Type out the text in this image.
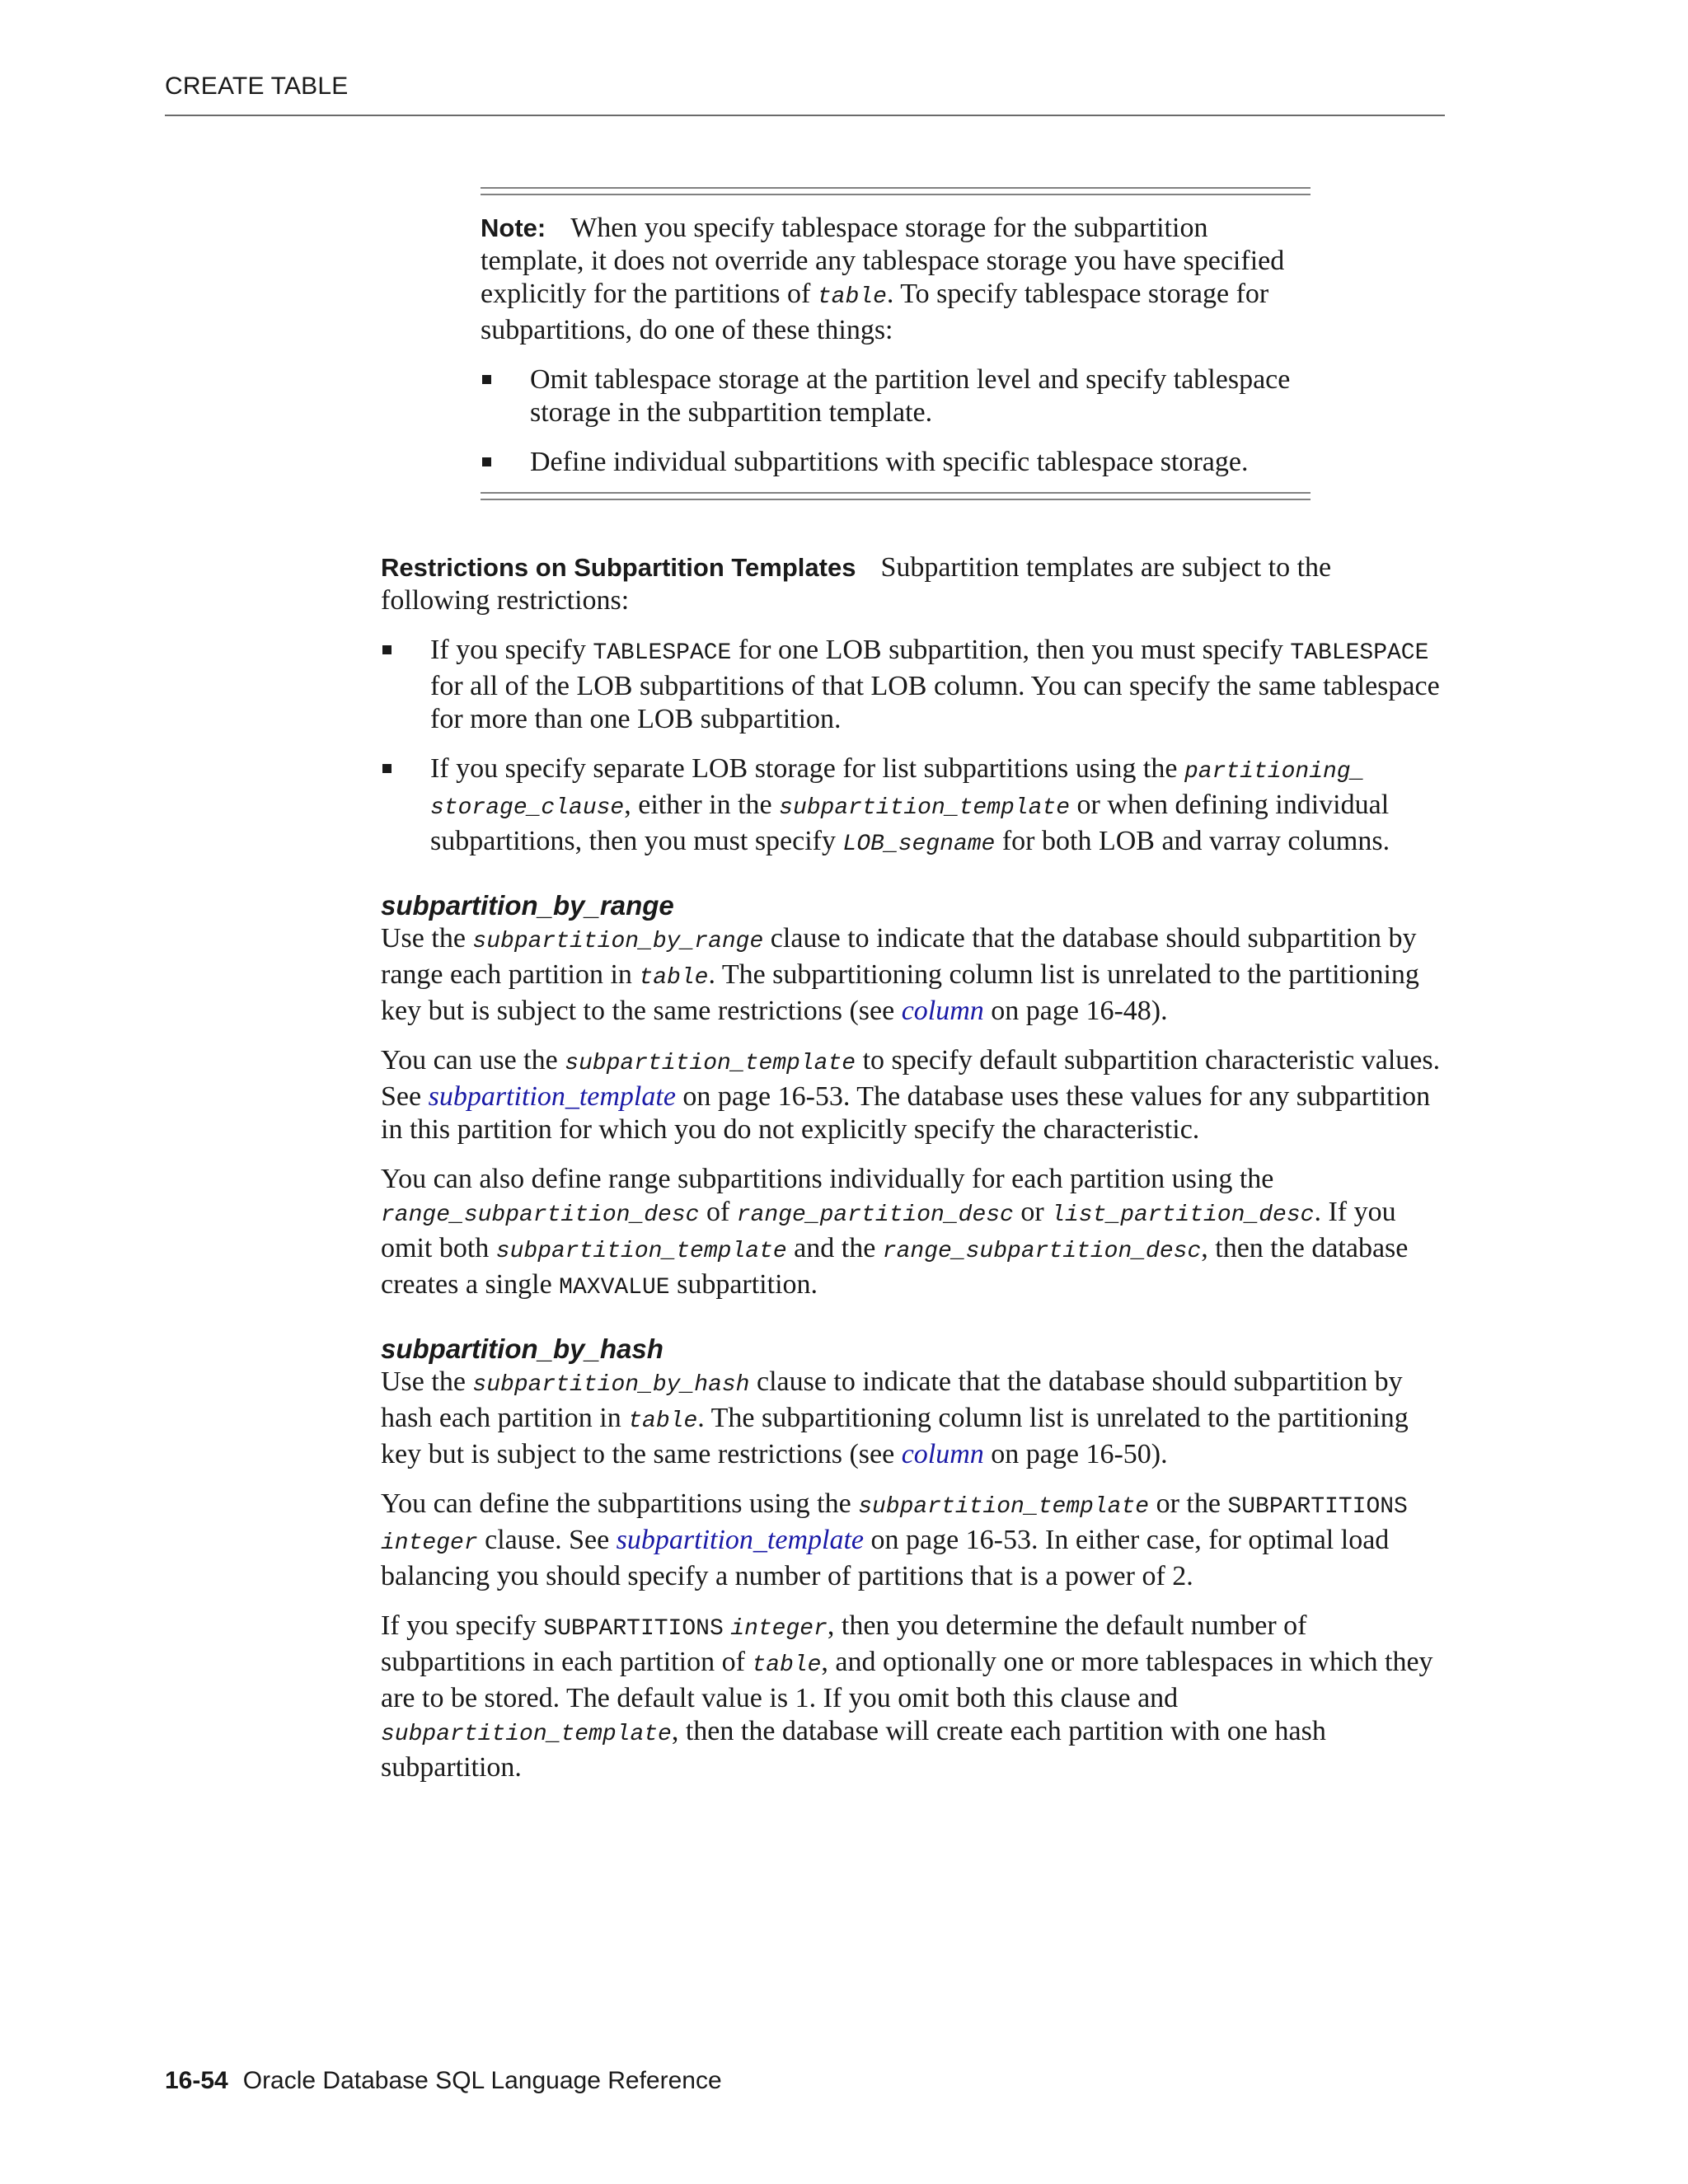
CREATE TABLE
Note: When you specify tablespace storage for the subpartition template, it does not override any tablespace storage you have specified explicitly for the partitions of table. To specify tablespace storage for subpartitions, do one of these things:
Omit tablespace storage at the partition level and specify tablespace storage in the subpartition template.
Define individual subpartitions with specific tablespace storage.

Restrictions on Subpartition Templates Subpartition templates are subject to the following restrictions:

If you specify TABLESPACE for one LOB subpartition, then you must specify TABLESPACE for all of the LOB subpartitions of that LOB column. You can specify the same tablespace for more than one LOB subpartition.
If you specify separate LOB storage for list subpartitions using the partitioning_ storage_clause, either in the subpartition_template or when defining individual subpartitions, then you must specify LOB_segname for both LOB and varray columns.
subpartition_by_range

Use the subpartition_by_range clause to indicate that the database should subpartition by range each partition in table. The subpartitioning column list is unrelated to the partitioning key but is subject to the same restrictions (see column on page 16-48).

You can use the subpartition_template to specify default subpartition characteristic values. See subpartition_template on page 16-53. The database uses these values for any subpartition in this partition for which you do not explicitly specify the characteristic.

You can also define range subpartitions individually for each partition using the range_subpartition_desc of range_partition_desc or list_partition_desc. If you omit both subpartition_template and the range_subpartition_desc, then the database creates a single MAXVALUE subpartition.

subpartition_by_hash

Use the subpartition_by_hash clause to indicate that the database should subpartition by hash each partition in table. The subpartitioning column list is unrelated to the partitioning key but is subject to the same restrictions (see column on page 16-50).

You can define the subpartitions using the subpartition_template or the SUBPARTITIONS integer clause. See subpartition_template on page 16-53. In either case, for optimal load balancing you should specify a number of partitions that is a power of 2.

If you specify SUBPARTITIONS integer, then you determine the default number of subpartitions in each partition of table, and optionally one or more tablespaces in which they are to be stored. The default value is 1. If you omit both this clause and subpartition_template, then the database will create each partition with one hash subpartition.

16-54 Oracle Database SQL Language Reference
